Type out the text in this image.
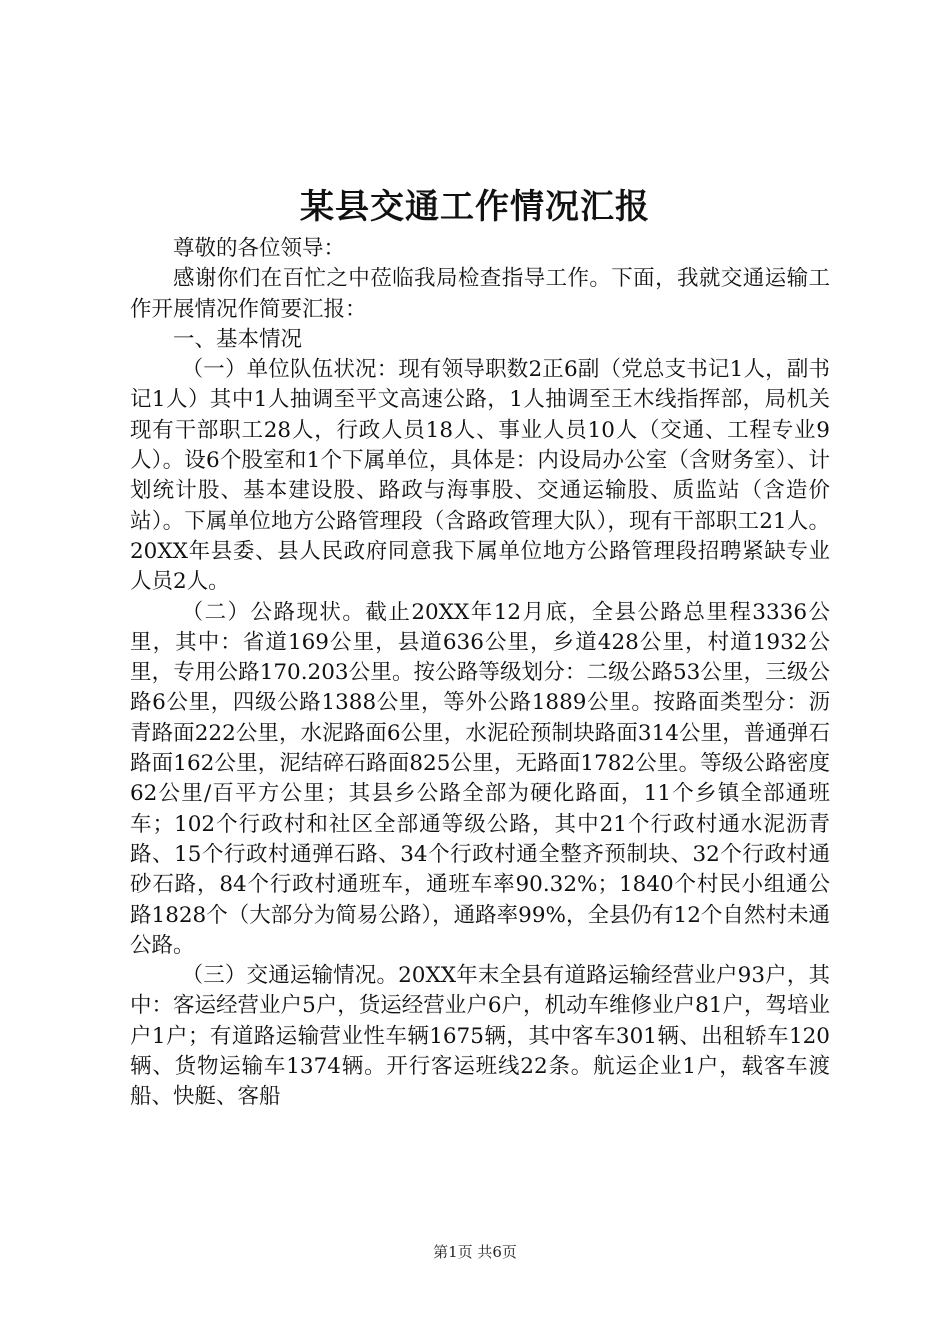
某县交通工作情况汇报

尊敬的各位领导：

感谢你们在百忙之中莅临我局检查指导工作。下面，我就交通运输工作开展情况作简要汇报：

一、基本情况

（一）单位队伍状况：现有领导职数2正6副（党总支书记1人，副书记1人）其中1人抽调至平文高速公路，1人抽调至王木线指挥部，局机关现有干部职工28人，行政人员18人、事业人员10人（交通、工程专业9人）。设6个股室和1个下属单位，具体是：内设局办公室（含财务室）、计划统计股、基本建设股、路政与海事股、交通运输股、质监站（含造价站）。下属单位地方公路管理段（含路政管理大队），现有干部职工21人。20XX年县委、县人民政府同意我下属单位地方公路管理段招聘紧缺专业人员2人。

（二）公路现状。截止20XX年12月底，全县公路总里程3336公里，其中：省道169公里，县道636公里，乡道428公里，村道1932公里，专用公路170.203公里。按公路等级划分：二级公路53公里，三级公路6公里，四级公路1388公里，等外公路1889公里。按路面类型分：沥青路面222公里，水泥路面6公里，水泥砼预制块路面314公里，普通弹石路面162公里，泥结碎石路面825公里，无路面1782公里。等级公路密度62公里/百平方公里；其县乡公路全部为硬化路面，11个乡镇全部通班车；102个行政村和社区全部通等级公路，其中21个行政村通水泥沥青路、15个行政村通弹石路、34个行政村通全整齐预制块、32个行政村通砂石路，84个行政村通班车，通班车率90.32%；1840个村民小组通公路1828个（大部分为简易公路），通路率99%，全县仍有12个自然村未通公路。

（三）交通运输情况。20XX年末全县有道路运输经营业户93户，其中：客运经营业户5户，货运经营业户6户，机动车维修业户81户，驾培业户1户；有道路运输营业性车辆1675辆，其中客车301辆、出租轿车120辆、货物运输车1374辆。开行客运班线22条。航运企业1户，载客车渡船、快艇、客船

第1页 共6页
